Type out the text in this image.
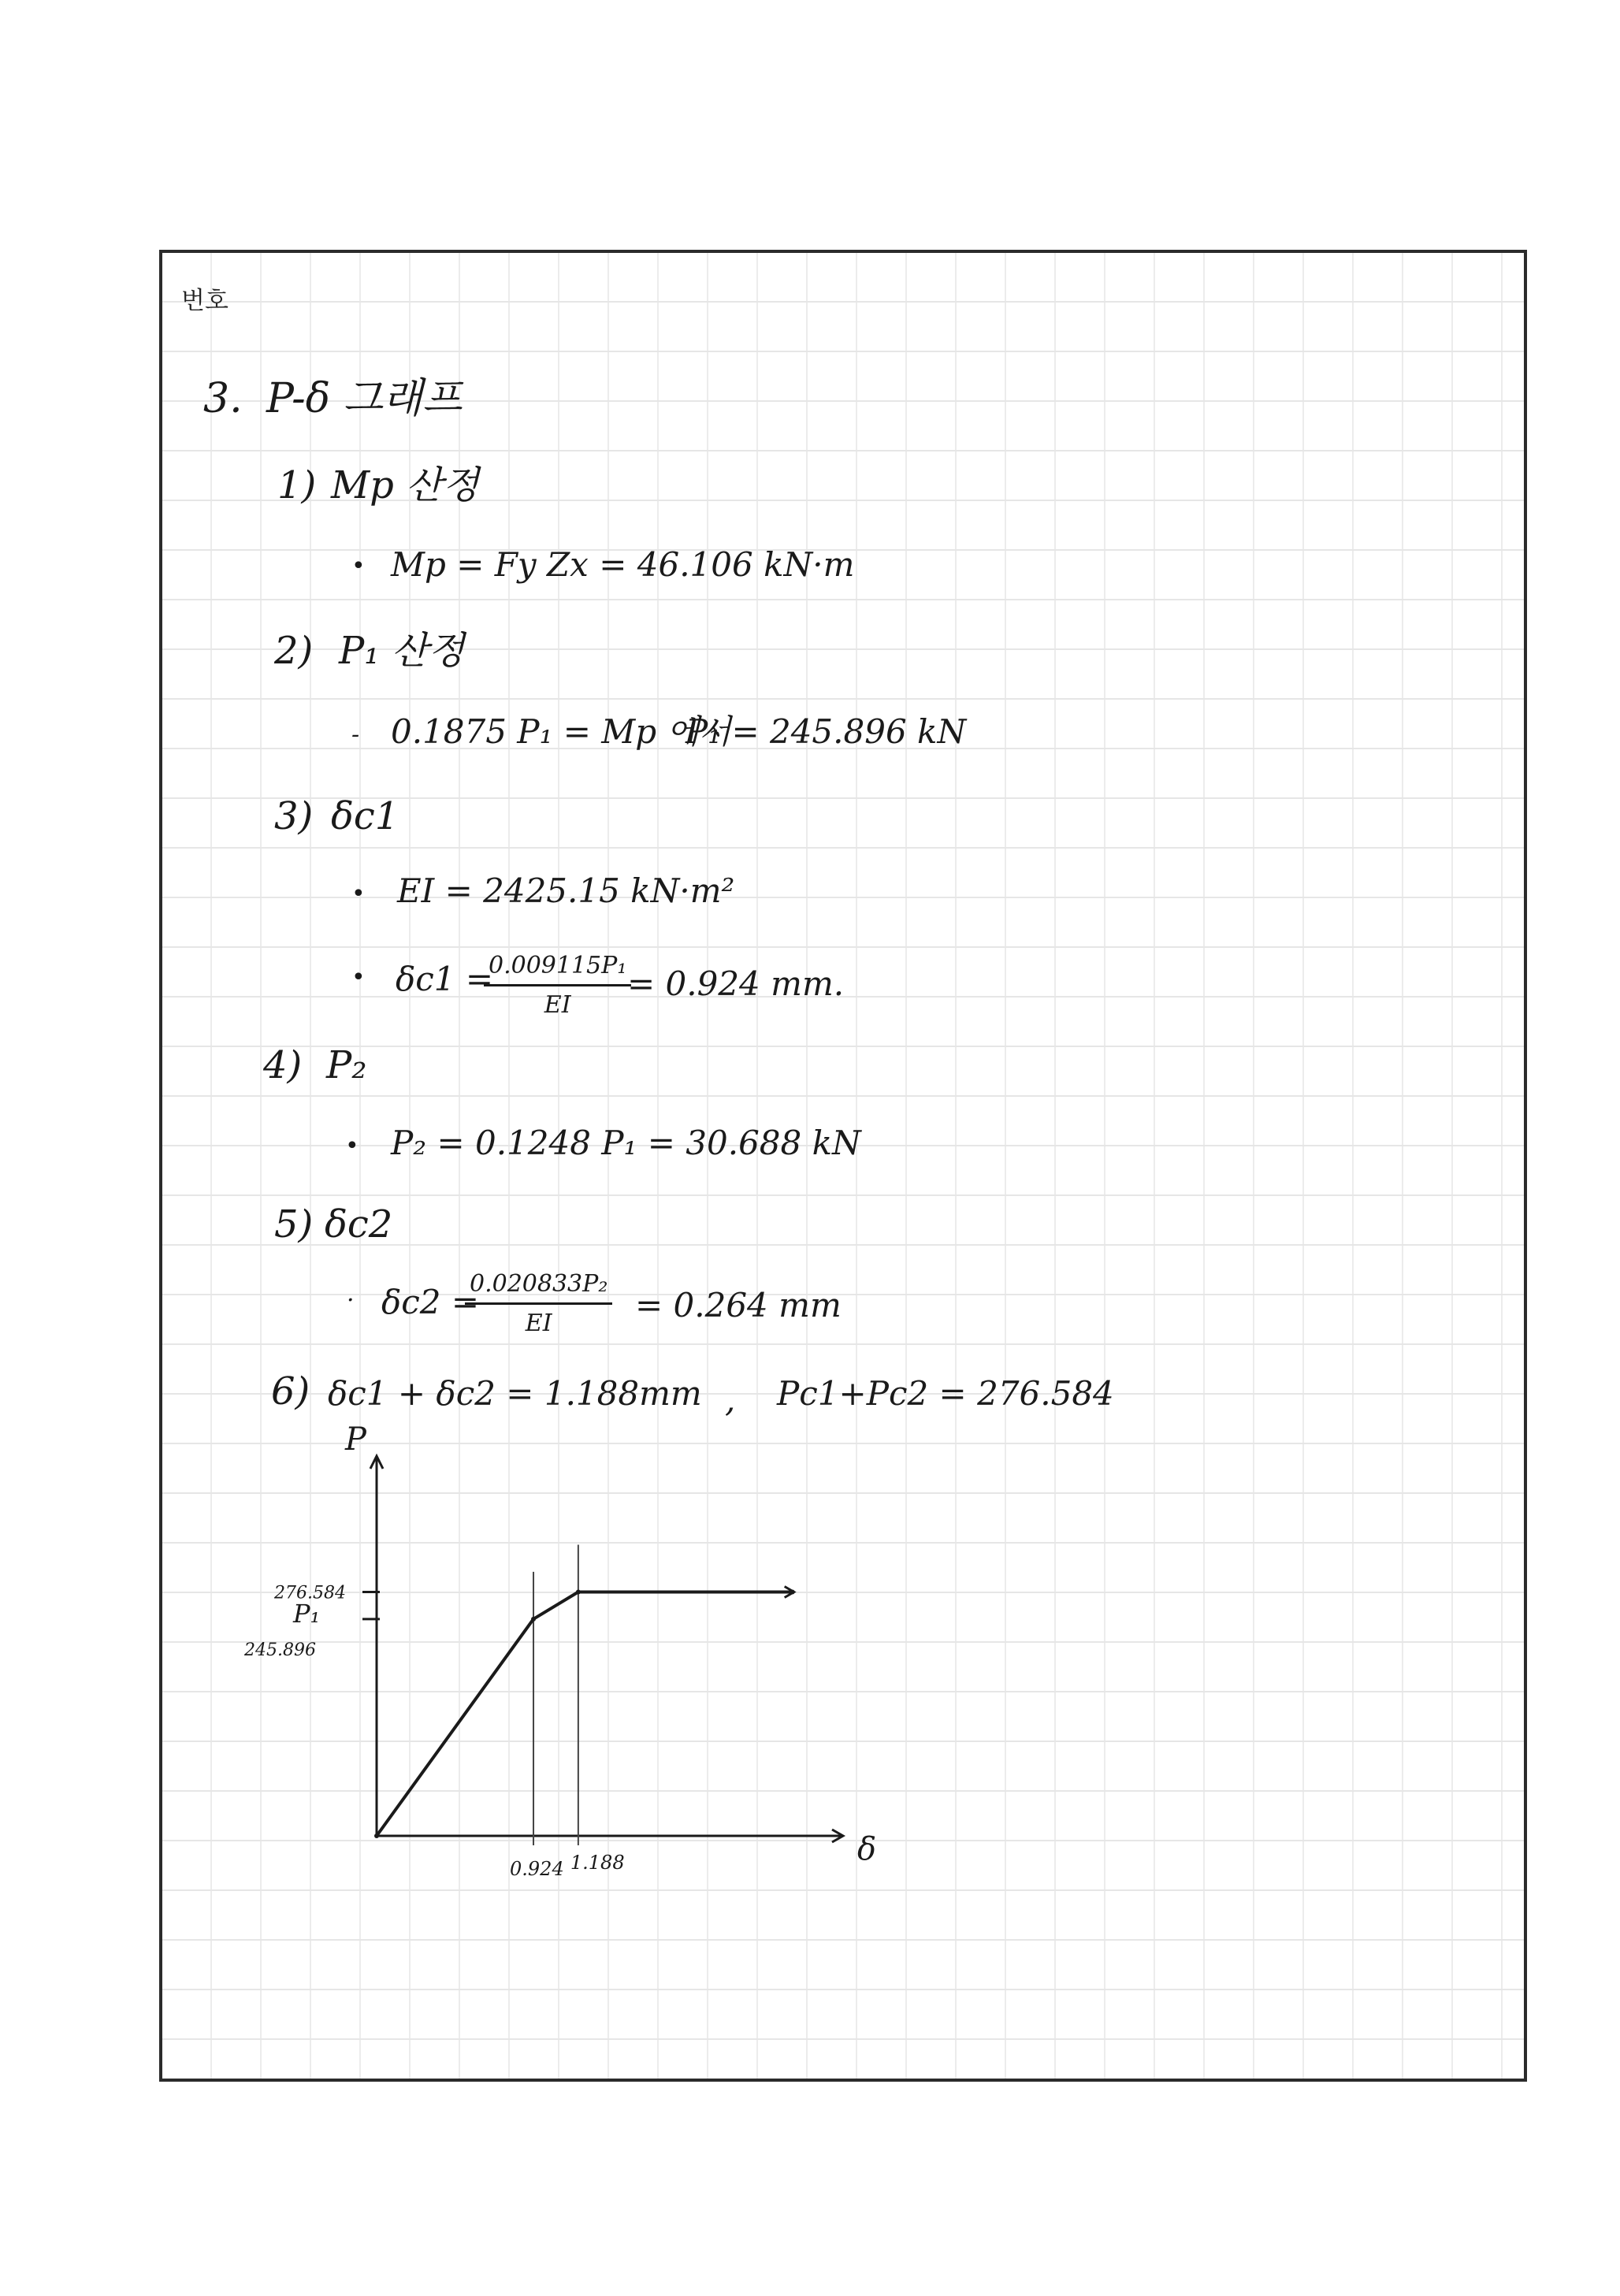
번호
3. P-δ 그래프
1) Mp 산정
• Mp = Fy Zx = 46.106 kN·m
2) P₁ 산정
- 0.1875 P₁ = Mp 에서
P₁ = 245.896 kN
3) δc1
• EI = 2425.15 kN·m²
• δc1 =
$\frac{\text{0.009115P₁}}{EI}$
= 0.924 mm.
4) P₂
• P₂ = 0.1248 P₁ = 30.688 kN
5) δc2
· δc2 =
$\frac{\text{0.020833P₂}}{EI} = 0.264$ mm
6) δc1 + δc2 = 1.188mm , Pc1+Pc2 = 276.584
P
δ
276.584
P₁
245.896
0.924 1.188
